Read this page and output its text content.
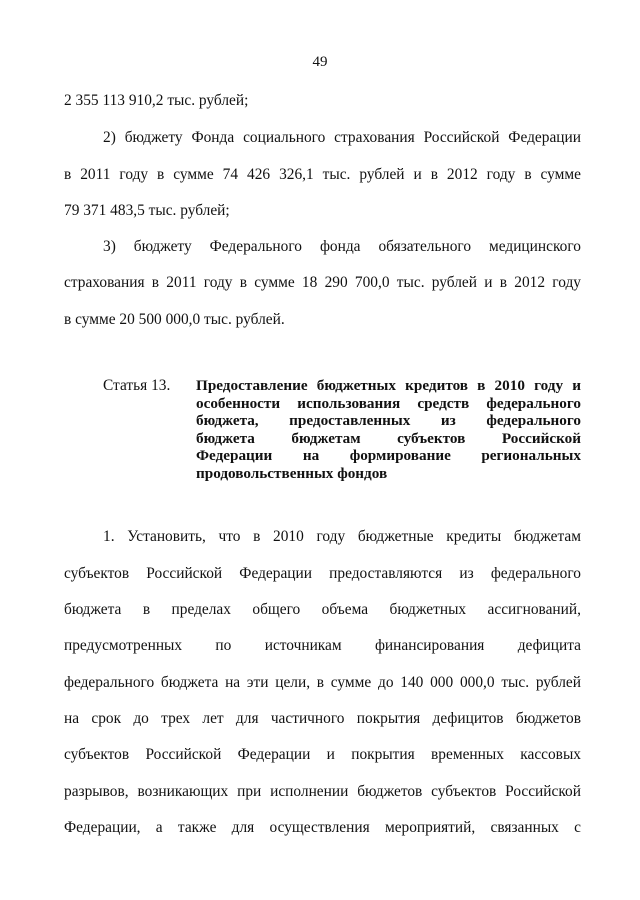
49
2 355 113 910,2 тыс. рублей;
2) бюджету Фонда социального страхования Российской Федерации
в 2011 году в сумме 74 426 326,1 тыс. рублей и в 2012 году в сумме
79 371 483,5 тыс. рублей;
3) бюджету Федерального фонда обязательного медицинского
страхования в 2011 году в сумме 18 290 700,0 тыс. рублей и в 2012 году
в сумме 20 500 000,0 тыс. рублей.
Статья 13. Предоставление бюджетных кредитов в 2010 году и
особенности использования средств федерального
бюджета, предоставленных из федерального
бюджета бюджетам субъектов Российской
Федерации на формирование региональных
продовольственных фондов
1. Установить, что в 2010 году бюджетные кредиты бюджетам
субъектов Российской Федерации предоставляются из федерального
бюджета в пределах общего объема бюджетных ассигнований,
предусмотренных по источникам финансирования дефицита
федерального бюджета на эти цели, в сумме до 140 000 000,0 тыс. рублей
на срок до трех лет для частичного покрытия дефицитов бюджетов
субъектов Российской Федерации и покрытия временных кассовых
разрывов, возникающих при исполнении бюджетов субъектов Российской
Федерации, а также для осуществления мероприятий, связанных с
